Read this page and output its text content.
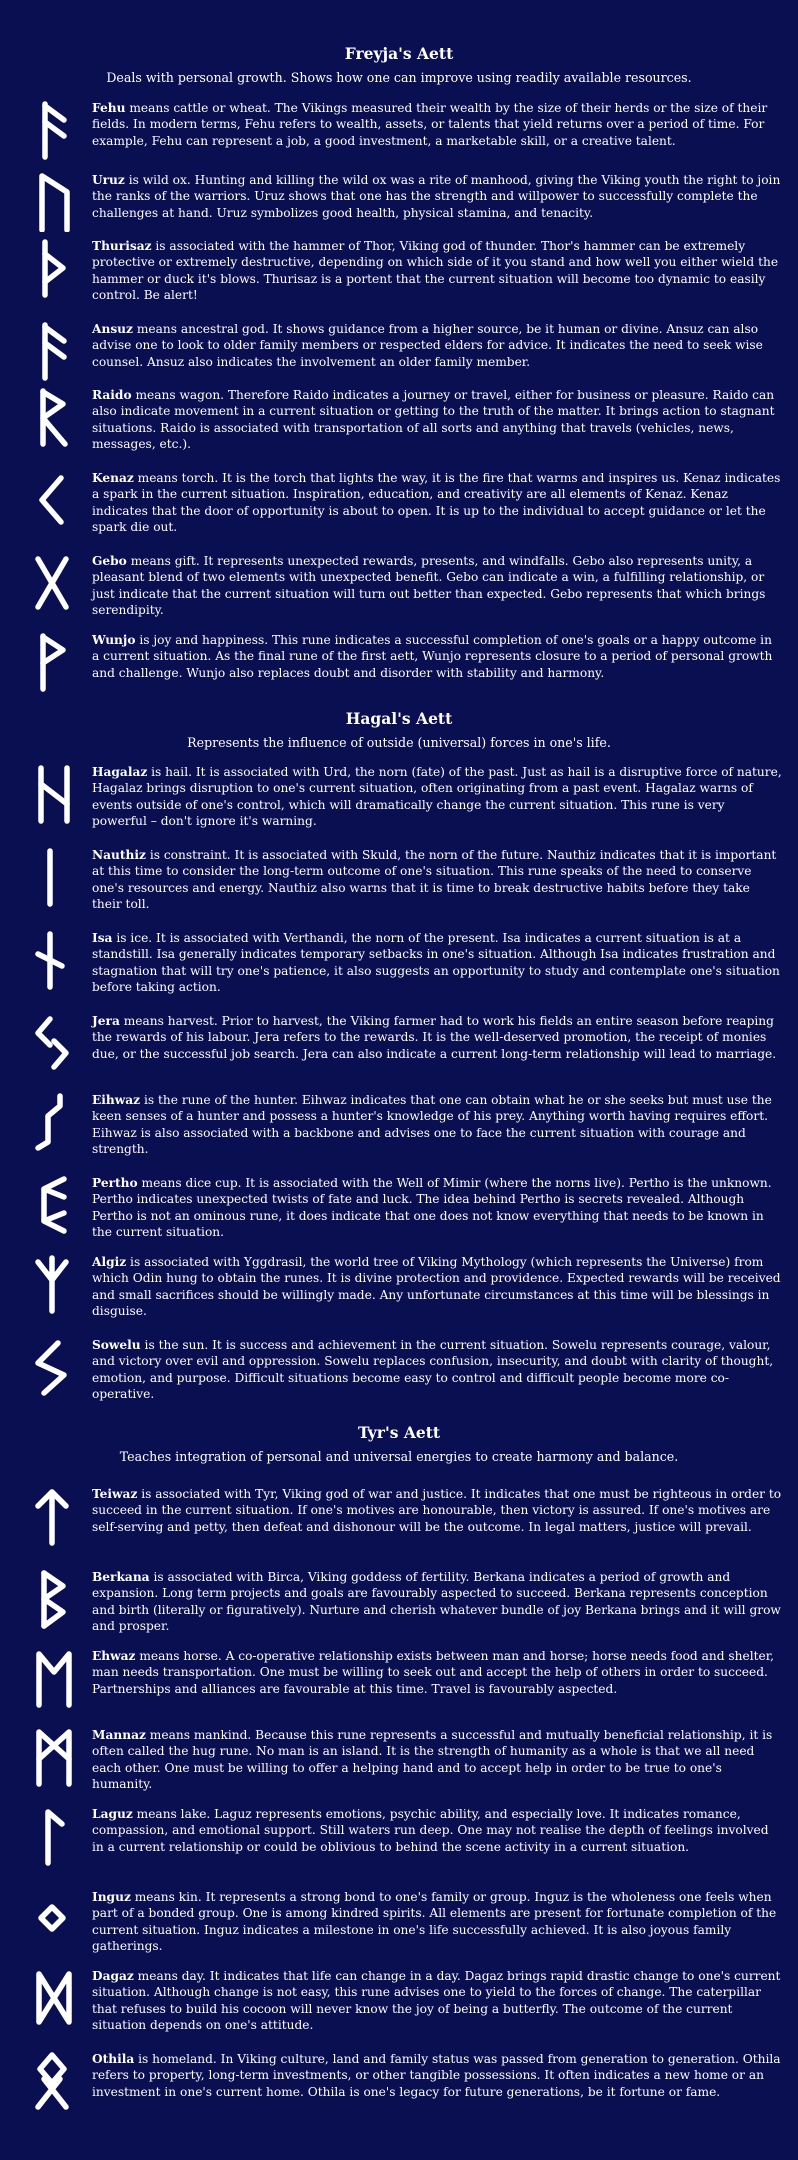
Freyja's Aett

Deals with personal growth. Shows how one can improve using readily available resources.

Fehu means cattle or wheat. The Vikings measured their wealth by the size of their herds or the size of their fields. In modern terms, Fehu refers to wealth, assets, or talents that yield returns over a period of time. For example, Fehu can represent a job, a good investment, a marketable skill, or a creative talent.

Uruz is wild ox. Hunting and killing the wild ox was a rite of manhood, giving the Viking youth the right to join the ranks of the warriors. Uruz shows that one has the strength and willpower to successfully complete the challenges at hand. Uruz symbolizes good health, physical stamina, and tenacity.

Thurisaz is associated with the hammer of Thor, Viking god of thunder. Thor's hammer can be extremely protective or extremely destructive, depending on which side of it you stand and how well you either wield the hammer or duck it's blows. Thurisaz is a portent that the current situation will become too dynamic to easily control. Be alert!

Ansuz means ancestral god. It shows guidance from a higher source, be it human or divine. Ansuz can also advise one to look to older family members or respected elders for advice. It indicates the need to seek wise counsel. Ansuz also indicates the involvement an older family member.

Raido means wagon. Therefore Raido indicates a journey or travel, either for business or pleasure. Raido can also indicate movement in a current situation or getting to the truth of the matter. It brings action to stagnant situations. Raido is associated with transportation of all sorts and anything that travels (vehicles, news, messages, etc.).

Kenaz means torch. It is the torch that lights the way, it is the fire that warms and inspires us. Kenaz indicates a spark in the current situation. Inspiration, education, and creativity are all elements of Kenaz. Kenaz indicates that the door of opportunity is about to open. It is up to the individual to accept guidance or let the spark die out.

Gebo means gift. It represents unexpected rewards, presents, and windfalls. Gebo also represents unity, a pleasant blend of two elements with unexpected benefit. Gebo can indicate a win, a fulfilling relationship, or just indicate that the current situation will turn out better than expected. Gebo represents that which brings serendipity.

Wunjo is joy and happiness. This rune indicates a successful completion of one's goals or a happy outcome in a current situation. As the final rune of the first aett, Wunjo represents closure to a period of personal growth and challenge. Wunjo also replaces doubt and disorder with stability and harmony.

Hagal's Aett

Represents the influence of outside (universal) forces in one's life.

Hagalaz is hail. It is associated with Urd, the norn (fate) of the past. Just as hail is a disruptive force of nature, Hagalaz brings disruption to one's current situation, often originating from a past event. Hagalaz warns of events outside of one's control, which will dramatically change the current situation. This rune is very powerful – don't ignore it's warning.

Nauthiz is constraint. It is associated with Skuld, the norn of the future. Nauthiz indicates that it is important at this time to consider the long-term outcome of one's situation. This rune speaks of the need to conserve one's resources and energy. Nauthiz also warns that it is time to break destructive habits before they take their toll.

Isa is ice. It is associated with Verthandi, the norn of the present. Isa indicates a current situation is at a standstill. Isa generally indicates temporary setbacks in one's situation. Although Isa indicates frustration and stagnation that will try one's patience, it also suggests an opportunity to study and contemplate one's situation before taking action.

Jera means harvest. Prior to harvest, the Viking farmer had to work his fields an entire season before reaping the rewards of his labour. Jera refers to the rewards. It is the well-deserved promotion, the receipt of monies due, or the successful job search. Jera can also indicate a current long-term relationship will lead to marriage.

Eihwaz is the rune of the hunter. Eihwaz indicates that one can obtain what he or she seeks but must use the keen senses of a hunter and possess a hunter's knowledge of his prey. Anything worth having requires effort. Eihwaz is also associated with a backbone and advises one to face the current situation with courage and strength.

Pertho means dice cup. It is associated with the Well of Mimir (where the norns live). Pertho is the unknown. Pertho indicates unexpected twists of fate and luck. The idea behind Pertho is secrets revealed. Although Pertho is not an ominous rune, it does indicate that one does not know everything that needs to be known in the current situation.

Algiz is associated with Yggdrasil, the world tree of Viking Mythology (which represents the Universe) from which Odin hung to obtain the runes. It is divine protection and providence. Expected rewards will be received and small sacrifices should be willingly made. Any unfortunate circumstances at this time will be blessings in disguise.

Sowelu is the sun. It is success and achievement in the current situation. Sowelu represents courage, valour, and victory over evil and oppression. Sowelu replaces confusion, insecurity, and doubt with clarity of thought, emotion, and purpose. Difficult situations become easy to control and difficult people become more co-operative.

Tyr's Aett

Teaches integration of personal and universal energies to create harmony and balance.

Teiwaz is associated with Tyr, Viking god of war and justice. It indicates that one must be righteous in order to succeed in the current situation. If one's motives are honourable, then victory is assured. If one's motives are self-serving and petty, then defeat and dishonour will be the outcome. In legal matters, justice will prevail.

Berkana is associated with Birca, Viking goddess of fertility. Berkana indicates a period of growth and expansion. Long term projects and goals are favourably aspected to succeed. Berkana represents conception and birth (literally or figuratively). Nurture and cherish whatever bundle of joy Berkana brings and it will grow and prosper.

Ehwaz means horse. A co-operative relationship exists between man and horse; horse needs food and shelter, man needs transportation. One must be willing to seek out and accept the help of others in order to succeed. Partnerships and alliances are favourable at this time. Travel is favourably aspected.

Mannaz means mankind. Because this rune represents a successful and mutually beneficial relationship, it is often called the hug rune. No man is an island. It is the strength of humanity as a whole is that we all need each other. One must be willing to offer a helping hand and to accept help in order to be true to one's humanity.

Laguz means lake. Laguz represents emotions, psychic ability, and especially love. It indicates romance, compassion, and emotional support. Still waters run deep. One may not realise the depth of feelings involved in a current relationship or could be oblivious to behind the scene activity in a current situation.

Inguz means kin. It represents a strong bond to one's family or group. Inguz is the wholeness one feels when part of a bonded group. One is among kindred spirits. All elements are present for fortunate completion of the current situation. Inguz indicates a milestone in one's life successfully achieved. It is also joyous family gatherings.

Dagaz means day. It indicates that life can change in a day. Dagaz brings rapid drastic change to one's current situation. Although change is not easy, this rune advises one to yield to the forces of change. The caterpillar that refuses to build his cocoon will never know the joy of being a butterfly. The outcome of the current situation depends on one's attitude.

Othila is homeland. In Viking culture, land and family status was passed from generation to generation. Othila refers to property, long-term investments, or other tangible possessions. It often indicates a new home or an investment in one's current home. Othila is one's legacy for future generations, be it fortune or fame.
